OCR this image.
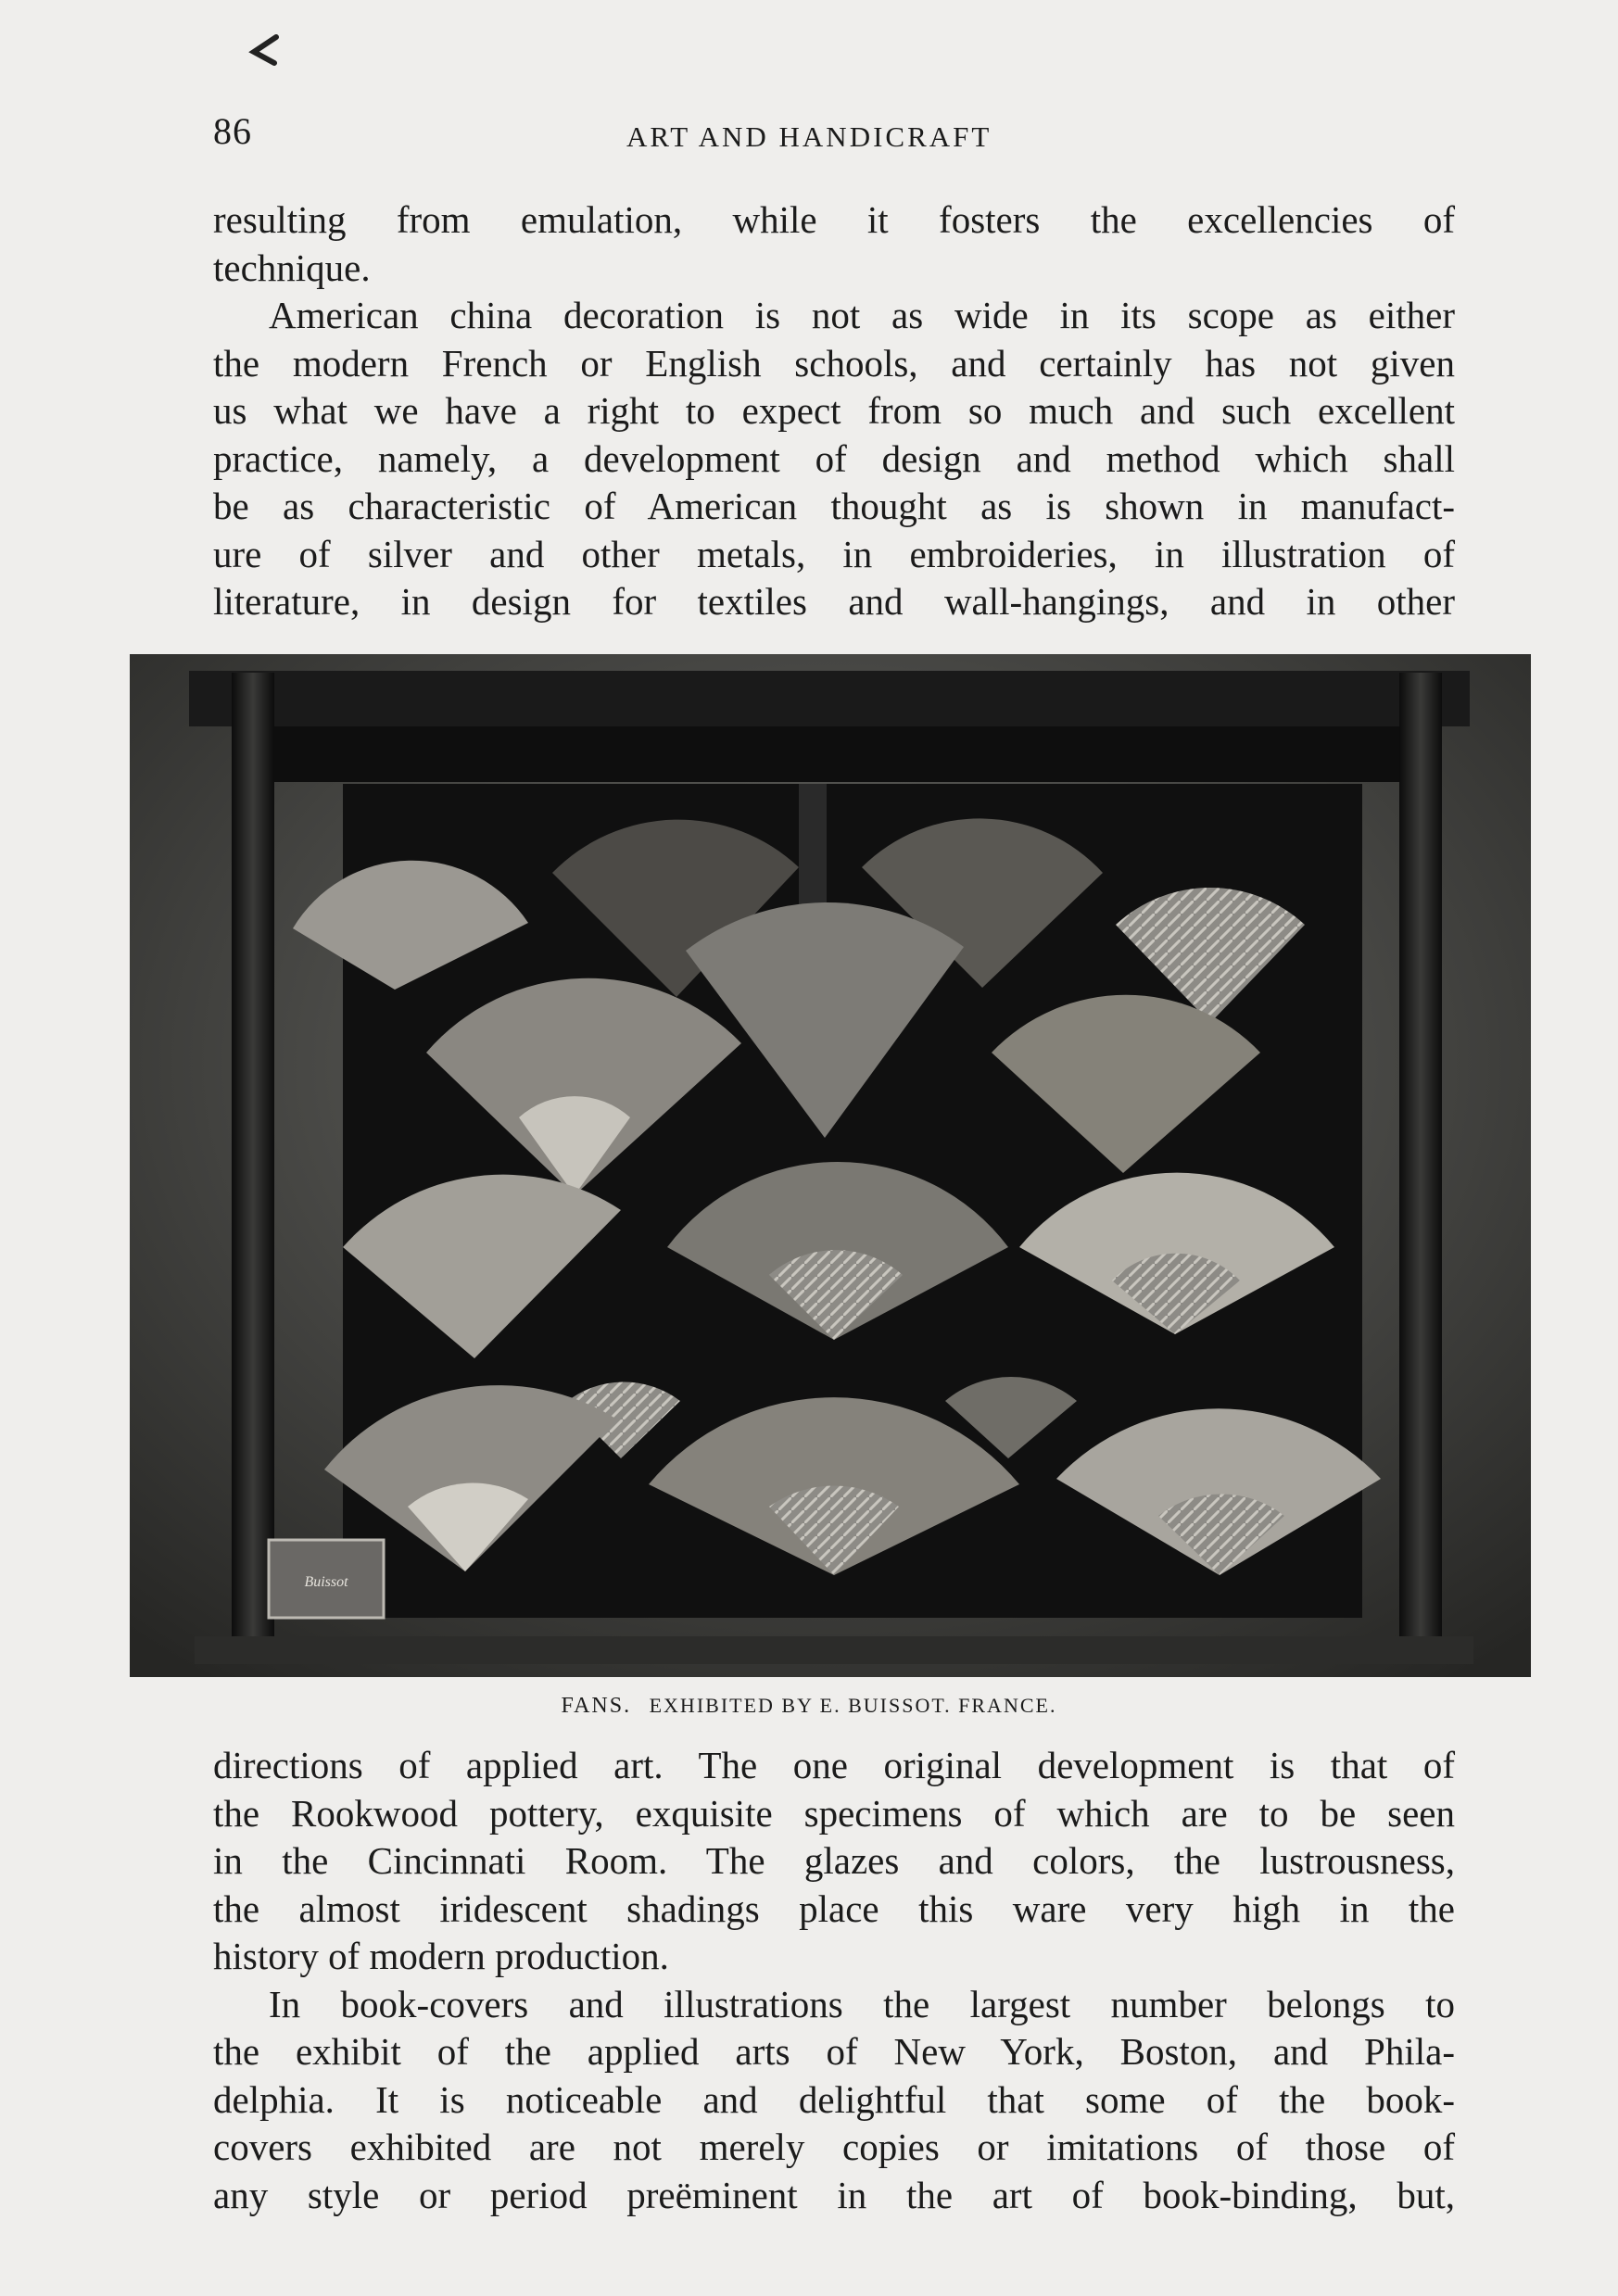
86	ART AND HANDICRAFT

resulting from emulation, while it fosters the excellencies of

technique.

American china decoration is not as wide in its scope as either

the modern French or English schools, and certainly has not given

us what we have a right to expect from so much and such excellent

practice, namely, a development of design and method which shall

be as characteristic of American thought as is shown in manufact-

ure of silver and other metals, in embroideries, in illustration of

literature, in design for textiles and wall-hangings, and in other

Buissot
FANS. EXHIBITED BY E. BUISSOT. FRANCE.

directions of applied art. The one original development is that of

the Rookwood pottery, exquisite specimens of which are to be seen

in the Cincinnati Room. The glazes and colors, the lustrousness,

the almost iridescent shadings place this ware very high in the

history of modern production.

In book-covers and illustrations the largest number belongs to

the exhibit of the applied arts of New York, Boston, and Phila-

delphia. It is noticeable and delightful that some of the book-

covers exhibited are not merely copies or imitations of those of

any style or period preëminent in the art of book-binding, but,
